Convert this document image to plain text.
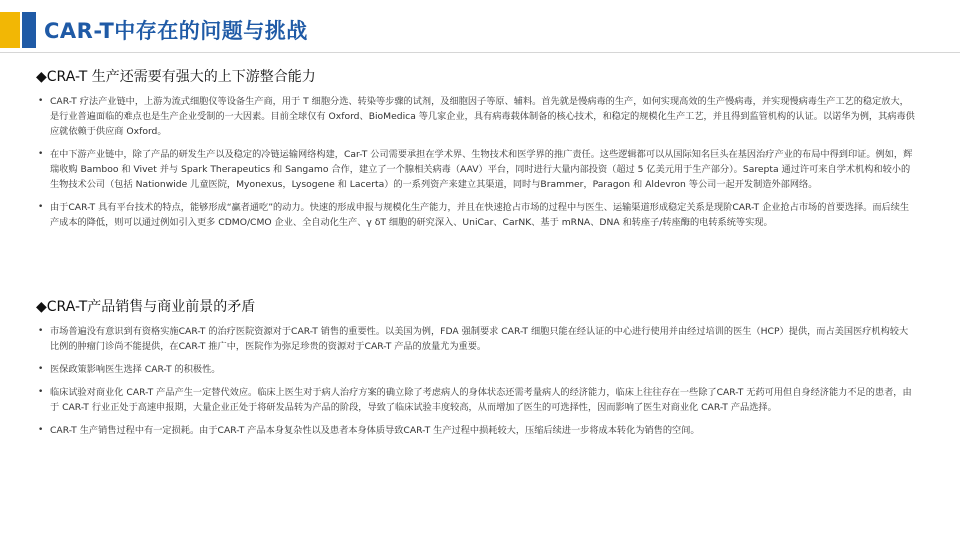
CAR-T中存在的问题与挑战
◆CRA-T 生产还需要有强大的上下游整合能力
• CAR-T 疗法产业链中，上游为流式细胞仪等设备生产商，用于 T 细胞分选、转染等步骤的试剂，及细胞因子等原、辅料。首先就是慢病毒的生产，如何实现高效的生产慢病毒，并实现慢病毒生产工艺的稳定放大，是行业普遍面临的难点也是生产企业受制的一大因素。目前全球仅有 Oxford、BioMedica 等几家企业，具有病毒载体制备的核心技术，和稳定的规模化生产工艺，并且得到监管机构的认证。以诺华为例，其病毒供应就依赖于供应商 Oxford。
• 在中下游产业链中，除了产品的研发生产以及稳定的冷链运输网络构建，Car-T 公司需要承担在学术界、生物技术和医学界的推广责任。这些逻辑都可以从国际知名巨头在基因治疗产业的布局中得到印证。例如，辉瑞收购 Bamboo 和 Vivet 并与 Spark Therapeutics 和 Sangamo 合作，建立了一个腺相关病毒（AAV）平台，同时进行大量内部投资（超过 5 亿美元用于生产部分）。Sarepta 通过许可来自学术机构和较小的生物技术公司（包括 Nationwide 儿童医院，Myonexus，Lysogene 和 Lacerta）的一系列资产来建立其渠道，同时与Brammer，Paragon 和 Aldevron 等公司一起开发制造外部网络。
• 由于CAR-T 具有平台技术的特点，能够形成“赢者通吃”的动力。快速的形成申报与规模化生产能力，并且在快速抢占市场的过程中与医生、运输渠道形成稳定关系是现阶CAR-T 企业抢占市场的首要选择。而后续生产成本的降低，则可以通过例如引入更多 CDMO/CMO 企业、全自动化生产、γ δT 细胞的研究深入、UniCar、CarNK、基于 mRNA、DNA 和转座子/转座酶的电转系统等实现。
◆CRA-T产品销售与商业前景的矛盾
• 市场普遍没有意识到有资格实施CAR-T 的治疗医院资源对于CAR-T 销售的重要性。以美国为例，FDA 强制要求 CAR-T 细胞只能在经认证的中心进行使用并由经过培训的医生（HCP）提供，而占美国医疗机构较大比例的肿瘤门诊尚不能提供，在CAR-T 推广中，医院作为弥足珍贵的资源对于CAR-T 产品的放量尤为重要。
• 医保政策影响医生选择 CAR-T 的积极性。
• 临床试验对商业化 CAR-T 产品产生一定替代效应。临床上医生对于病人治疗方案的确立除了考虑病人的身体状态还需考量病人的经济能力，临床上往往存在一些除了CAR-T 无药可用但自身经济能力不足的患者，由于 CAR-T 行业正处于高速申报期，大量企业正处于将研发品转为产品的阶段，导致了临床试验丰度较高，从而增加了医生的可选择性，因而影响了医生对商业化 CAR-T 产品选择。
• CAR-T 生产销售过程中有一定损耗。由于CAR-T 产品本身复杂性以及患者本身体质导致CAR-T 生产过程中损耗较大，压缩后续进一步将成本转化为销售的空间。
